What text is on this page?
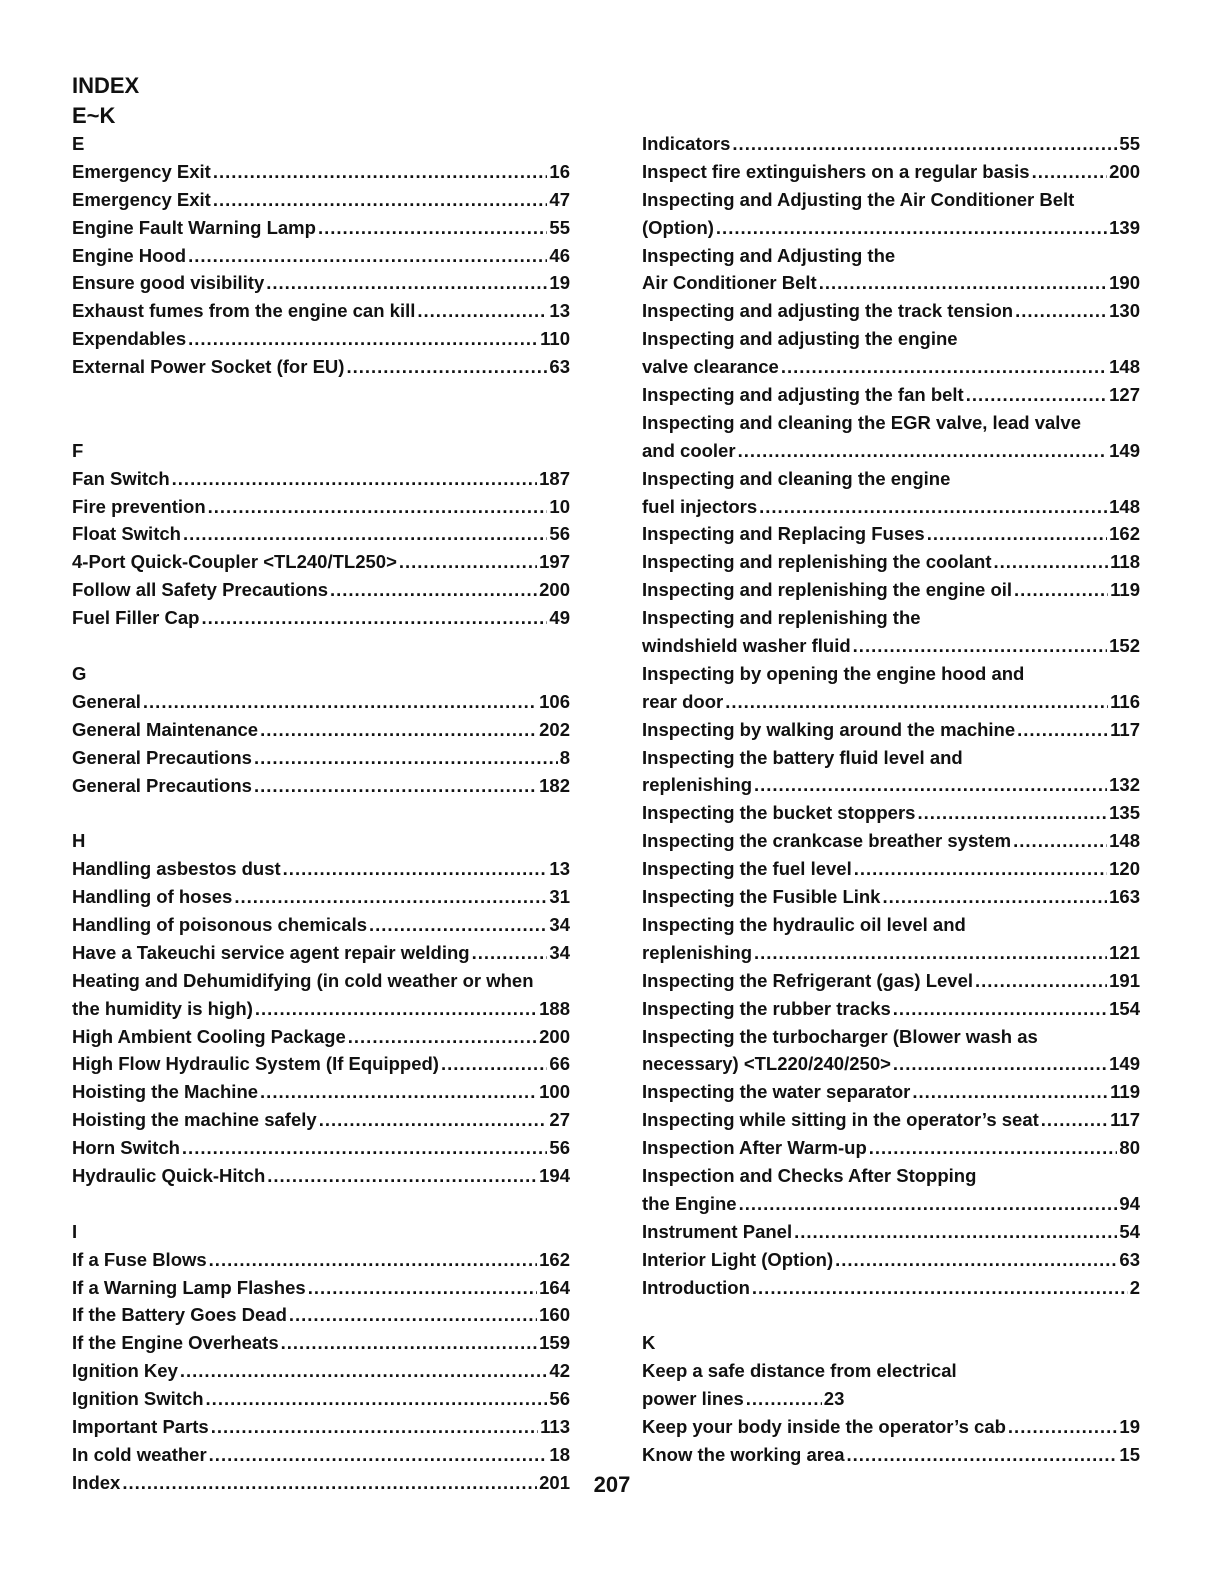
INDEX
E~K
E
Emergency Exit .....	16
Emergency Exit .....	47
Engine Fault Warning Lamp .....	55
Engine Hood .....	46
Ensure good visibility .....	19
Exhaust fumes from the engine can kill .....	13
Expendables .....	110
External Power Socket (for EU) .....	63
F
Fan Switch .....	187
Fire prevention .....	10
Float Switch .....	56
4-Port Quick-Coupler <TL240/TL250> .....	197
Follow all Safety Precautions .....	200
Fuel Filler Cap .....	49
G
General .....	106
General Maintenance .....	202
General Precautions .....	8
General Precautions .....	182
H
Handling asbestos dust .....	13
Handling of hoses .....	31
Handling of poisonous chemicals .....	34
Have a Takeuchi service agent repair welding .....	34
Heating and Dehumidifying (in cold weather or when
the humidity is high) .....	188
High Ambient Cooling Package .....	200
High Flow Hydraulic System (If Equipped) .....	66
Hoisting the Machine .....	100
Hoisting the machine safely .....	27
Horn Switch .....	56
Hydraulic Quick-Hitch .....	194
I
If a Fuse Blows .....	162
If a Warning Lamp Flashes .....	164
If the Battery Goes Dead .....	160
If the Engine Overheats .....	159
Ignition Key .....	42
Ignition Switch .....	56
Important Parts .....	113
In cold weather .....	18
Index .....	201
Indicators .....	55
Inspect fire extinguishers on a regular basis .....	200
Inspecting and Adjusting the Air Conditioner Belt
(Option) .....	139
Inspecting and Adjusting the
Air Conditioner Belt .....	190
Inspecting and adjusting the track tension .....	130
Inspecting and adjusting the engine
valve clearance .....	148
Inspecting and adjusting the fan belt .....	127
Inspecting and cleaning the EGR valve, lead valve
and cooler .....	149
Inspecting and cleaning the engine
fuel injectors .....	148
Inspecting and Replacing Fuses .....	162
Inspecting and replenishing the coolant .....	118
Inspecting and replenishing the engine oil .....	119
Inspecting and replenishing the
windshield washer fluid .....	152
Inspecting by opening the engine hood and
rear door .....	116
Inspecting by walking around the machine .....	117
Inspecting the battery fluid level and
replenishing .....	132
Inspecting the bucket stoppers .....	135
Inspecting the crankcase breather system .....	148
Inspecting the fuel level .....	120
Inspecting the Fusible Link .....	163
Inspecting the hydraulic oil level and
replenishing .....	121
Inspecting the Refrigerant (gas) Level .....	191
Inspecting the rubber tracks .....	154
Inspecting the turbocharger (Blower wash as
necessary) <TL220/240/250> .....	149
Inspecting the water separator .....	119
Inspecting while sitting in the operator’s seat .....	117
Inspection After Warm-up .....	80
Inspection and Checks After Stopping
the Engine .....	94
Instrument Panel .....	54
Interior Light (Option) .....	63
Introduction .....	2
K
Keep a safe distance from electrical
power lines .....	23
Keep your body inside the operator’s cab .....	19
Know the working area .....	15
207
